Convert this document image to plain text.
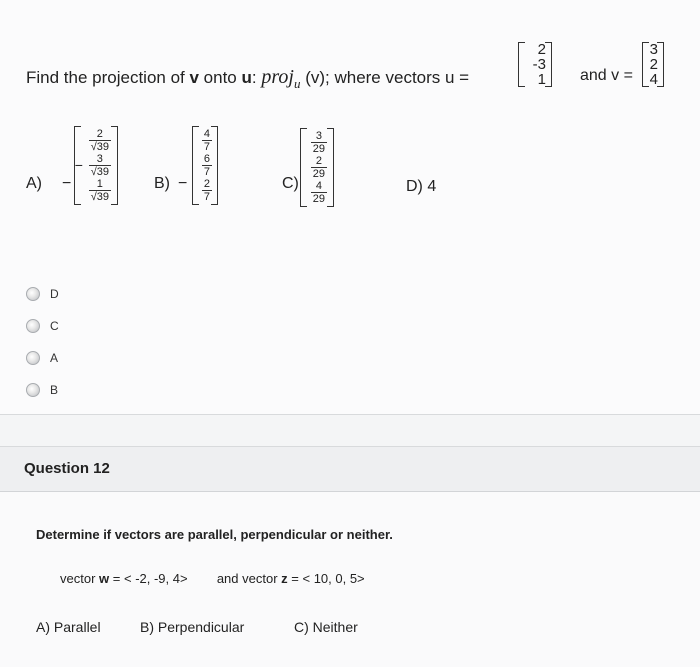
Find the projection of v onto u: proj$_u$ (v); where vectors u =
2
-3
1 and v =
3
2
4
A) −
$\frac{2}{√39}$
− 3
√39
$\frac{1}{√39}$	B) −
$\frac{4}{7}$
$\frac{6}{7}$
$\frac{2}{7}$	C)
$\frac{3}{29}$
$\frac{2}{29}$
$\frac{4}{29}$	D) 4
D
C
A
B
Question 12
Determine if vectors are parallel, perpendicular or neither.
vector w = < -2, -9, 4> and vector z = < 10, 0, 5>
A) Parallel	B) Perpendicular	C) Neither
